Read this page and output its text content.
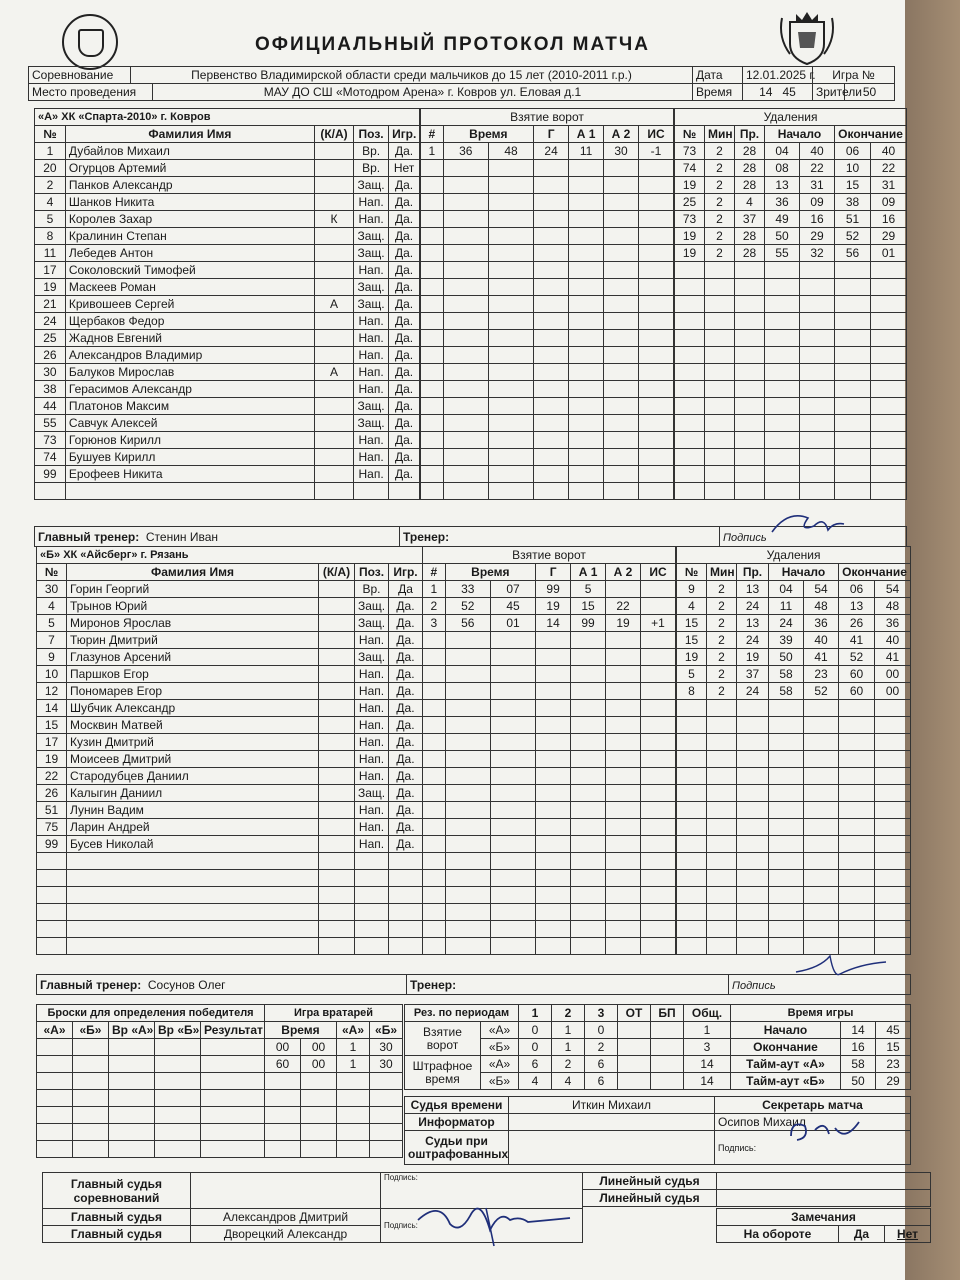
ОФИЦИАЛЬНЫЙ ПРОТОКОЛ МАТЧА
Соревнование	Первенство Владимирской области среди мальчиков до 15 лет (2010-2011 г.р.)		Дата	12.01.2025 г.	Игра №	
Место проведения		МАУ ДО СШ «Мотодром Арена» г. Ковров ул. Еловая д.1	Время	14 45	Зрители	50
«А» ХК «Спарта-2010» г. Ковров				
№	Фамилия Имя	(К/А)	Поз.	Игр.
1	Дубайлов Михаил		Вр.	Да.
20	Огурцов Артемий		Вр.	Нет
2	Панков Александр		Защ.	Да.
4	Шанков Никита		Нап.	Да.
5	Королев Захар	К	Нап.	Да.
8	Кралинин Степан		Защ.	Да.
11	Лебедев Антон		Защ.	Да.
17	Соколовский Тимофей		Нап.	Да.
19	Маскеев Роман		Защ.	Да.
21	Кривошеев Сергей	А	Защ.	Да.
24	Щербаков Федор		Нап.	Да.
25	Жаднов Евгений		Нап.	Да.
26	Александров Владимир		Нап.	Да.
30	Балуков Мирослав	А	Нап.	Да.
38	Герасимов Александр		Нап.	Да.
44	Платонов Максим		Защ.	Да.
55	Савчук Алексей		Защ.	Да.
73	Горюнов Кирилл		Нап.	Да.
74	Бушуев Кирилл		Нап.	Да.
99	Ерофеев Никита		Нап.	Да.

Взятие ворот						
#	Время		Г	А 1	А 2	ИС
1	36	48	24	11	30	-1

Удаления						
№	Мин	Пр.	Начало		Окончание	
73	2	28	04	40	06	40
74	2	28	08	22	10	22
19	2	28	13	31	15	31
25	2	4	36	09	38	09
73	2	37	49	16	51	16
19	2	28	50	29	52	29
19	2	28	55	32	56	01

Главный тренер: Стенин Иван	Тренер:	Подпись
«Б» ХК «Айсберг» г. Рязань				
№	Фамилия Имя	(К/А)	Поз.	Игр.
30	Горин Георгий		Вр.	Да
4	Трынов Юрий		Защ.	Да.
5	Миронов Ярослав		Защ.	Да.
7	Тюрин Дмитрий		Нап.	Да.
9	Глазунов Арсений		Защ.	Да.
10	Паршков Егор		Нап.	Да.
12	Пономарев Егор		Нап.	Да.
14	Шубчик Александр		Нап.	Да.
15	Москвин Матвей		Нап.	Да.
17	Кузин Дмитрий		Нап.	Да.
19	Моисеев Дмитрий		Нап.	Да.
22	Стародубцев Даниил		Нап.	Да.
26	Калыгин Даниил		Защ.	Да.
51	Лунин Вадим		Нап.	Да.
75	Ларин Андрей		Нап.	Да.
99	Бусев Николай		Нап.	Да.

Взятие ворот						
#	Время		Г	А 1	А 2	ИС
1	33	07	99	5		
2	52	45	19	15	22	
3	56	01	14	99	19	+1

Удаления						
№	Мин	Пр.	Начало		Окончание	
9	2	13	04	54	06	54
4	2	24	11	48	13	48
15	2	13	24	36	26	36
15	2	24	39	40	41	40
19	2	19	50	41	52	41
5	2	37	58	23	60	00
8	2	24	58	52	60	00

Главный тренер: Сосунов Олег	Тренер:	Подпись
Броски для определения победителя				
«А»	«Б»	Вр «А»	Вр «Б»	Результат

Игра вратарей			
Время		«А»	«Б»
00	00	1	30
60	00	1	30

Рез. по периодам		1	2	3	ОТ	БП	Общ.
Взятие ворот	«А»	0	1	0			1
	«Б»	0	1	2			3
Штрафное время	«А»	6	2	6			14
	«Б»	4	4	6			14
Время игры		
Начало	14	45
Окончание	16	15
Тайм-аут «А»	58	23
Тайм-аут «Б»	50	29
Судья времени	Иткин Михаил	Секретарь матча
Информатор		Осипов Михаил
Судьи при оштрафованных		Подпись:
Главный судья соревнований		Подпись:
Главный судья	Александров Дмитрий	Подпись:
Главный судья	Дворецкий Александр	
Линейный судья	
Линейный судья	
Замечания
На обороте	Да	Нет
